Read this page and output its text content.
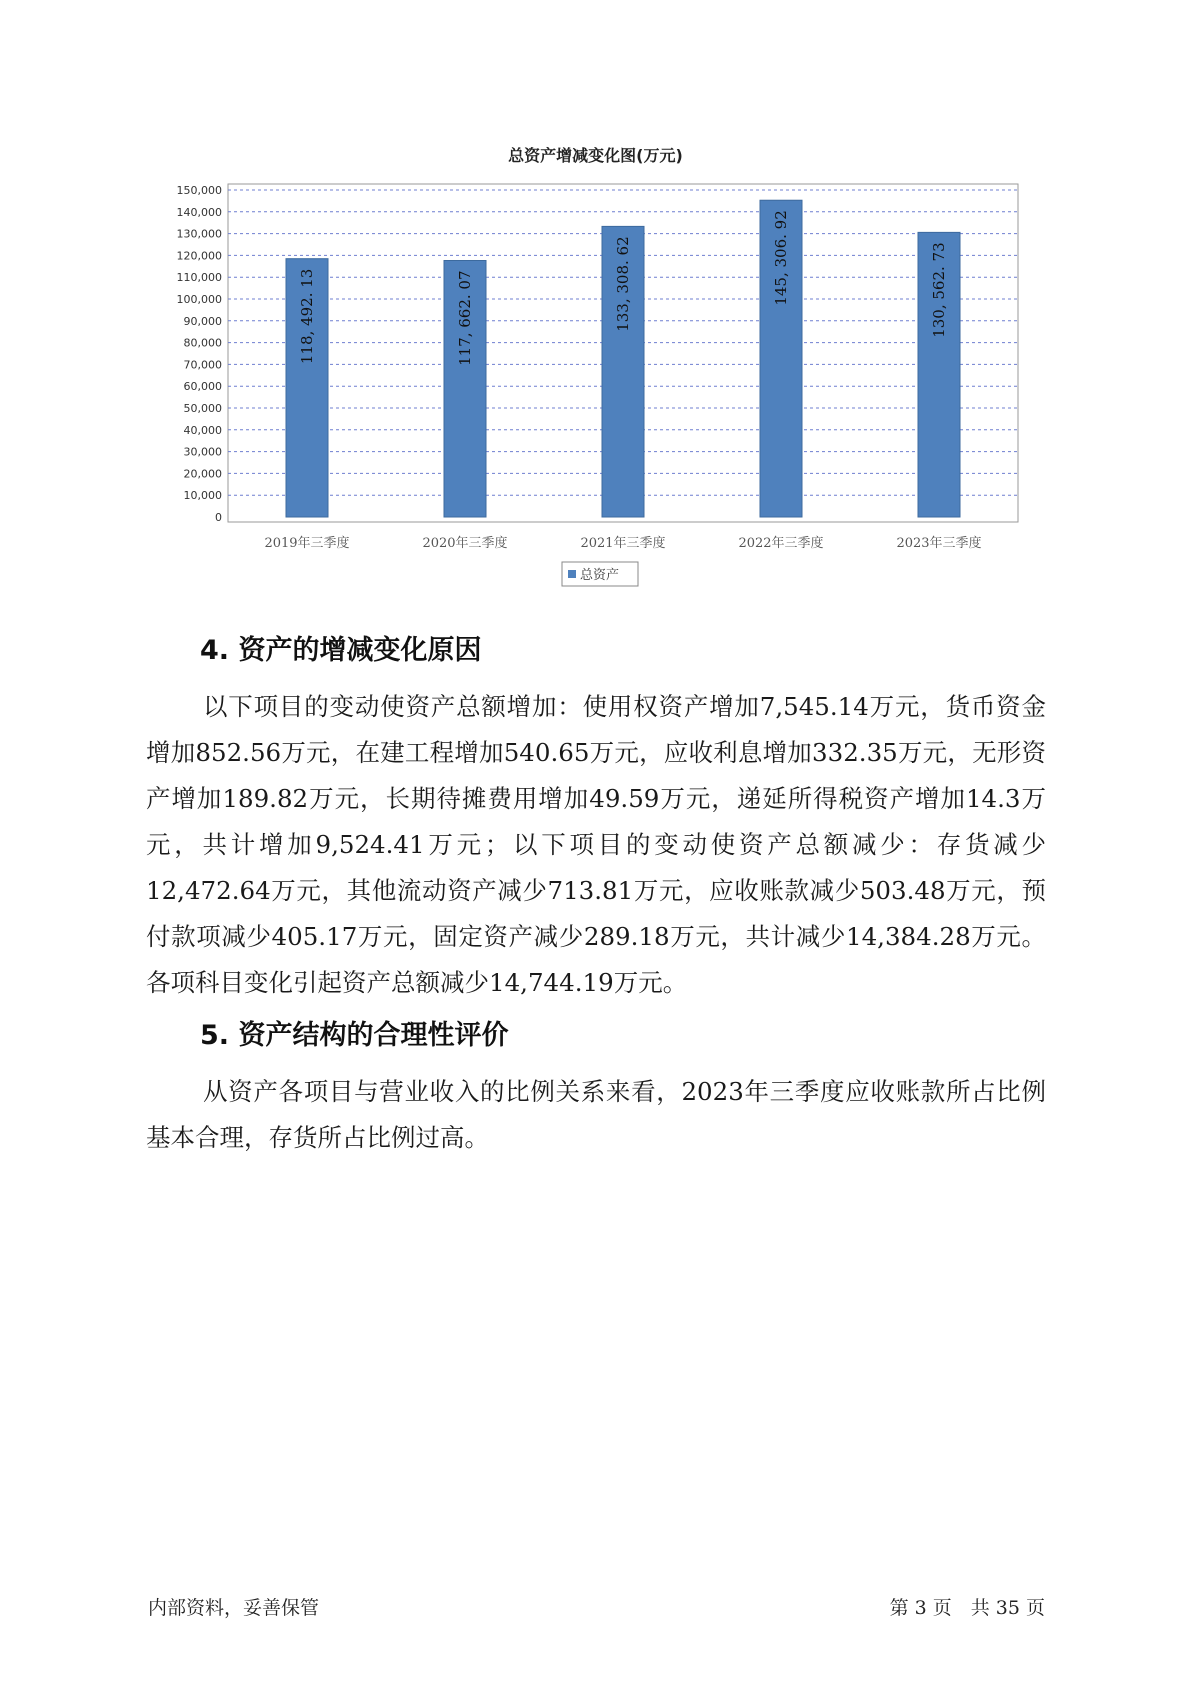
总资产增减变化图(万元)
0
10,000
20,000
30,000
40,000
50,000
60,000
70,000
80,000
90,000
100,000
110,000
120,000
130,000
140,000
150,000
118, 492. 13
2019年三季度
117, 662. 07
2020年三季度
133, 308. 62
2021年三季度
145, 306. 92
2022年三季度
130, 562. 73
2023年三季度
总资产
4. 资产的增减变化原因

以下项目的变动使资产总额增加：使用权资产增加7,545.14万元，货币资金增加852.56万元，在建工程增加540.65万元，应收利息增加332.35万元，无形资产增加189.82万元，长期待摊费用增加49.59万元，递延所得税资产增加14.3万元，共计增加9,524.41万元；以下项目的变动使资产总额减少：存货减少12,472.64万元，其他流动资产减少713.81万元，应收账款减少503.48万元，预付款项减少405.17万元，固定资产减少289.18万元，共计减少14,384.28万元。各项科目变化引起资产总额减少14,744.19万元。

5. 资产结构的合理性评价

从资产各项目与营业收入的比例关系来看，2023年三季度应收账款所占比例基本合理，存货所占比例过高。

内部资料，妥善保管	第 3 页　共 35 页
